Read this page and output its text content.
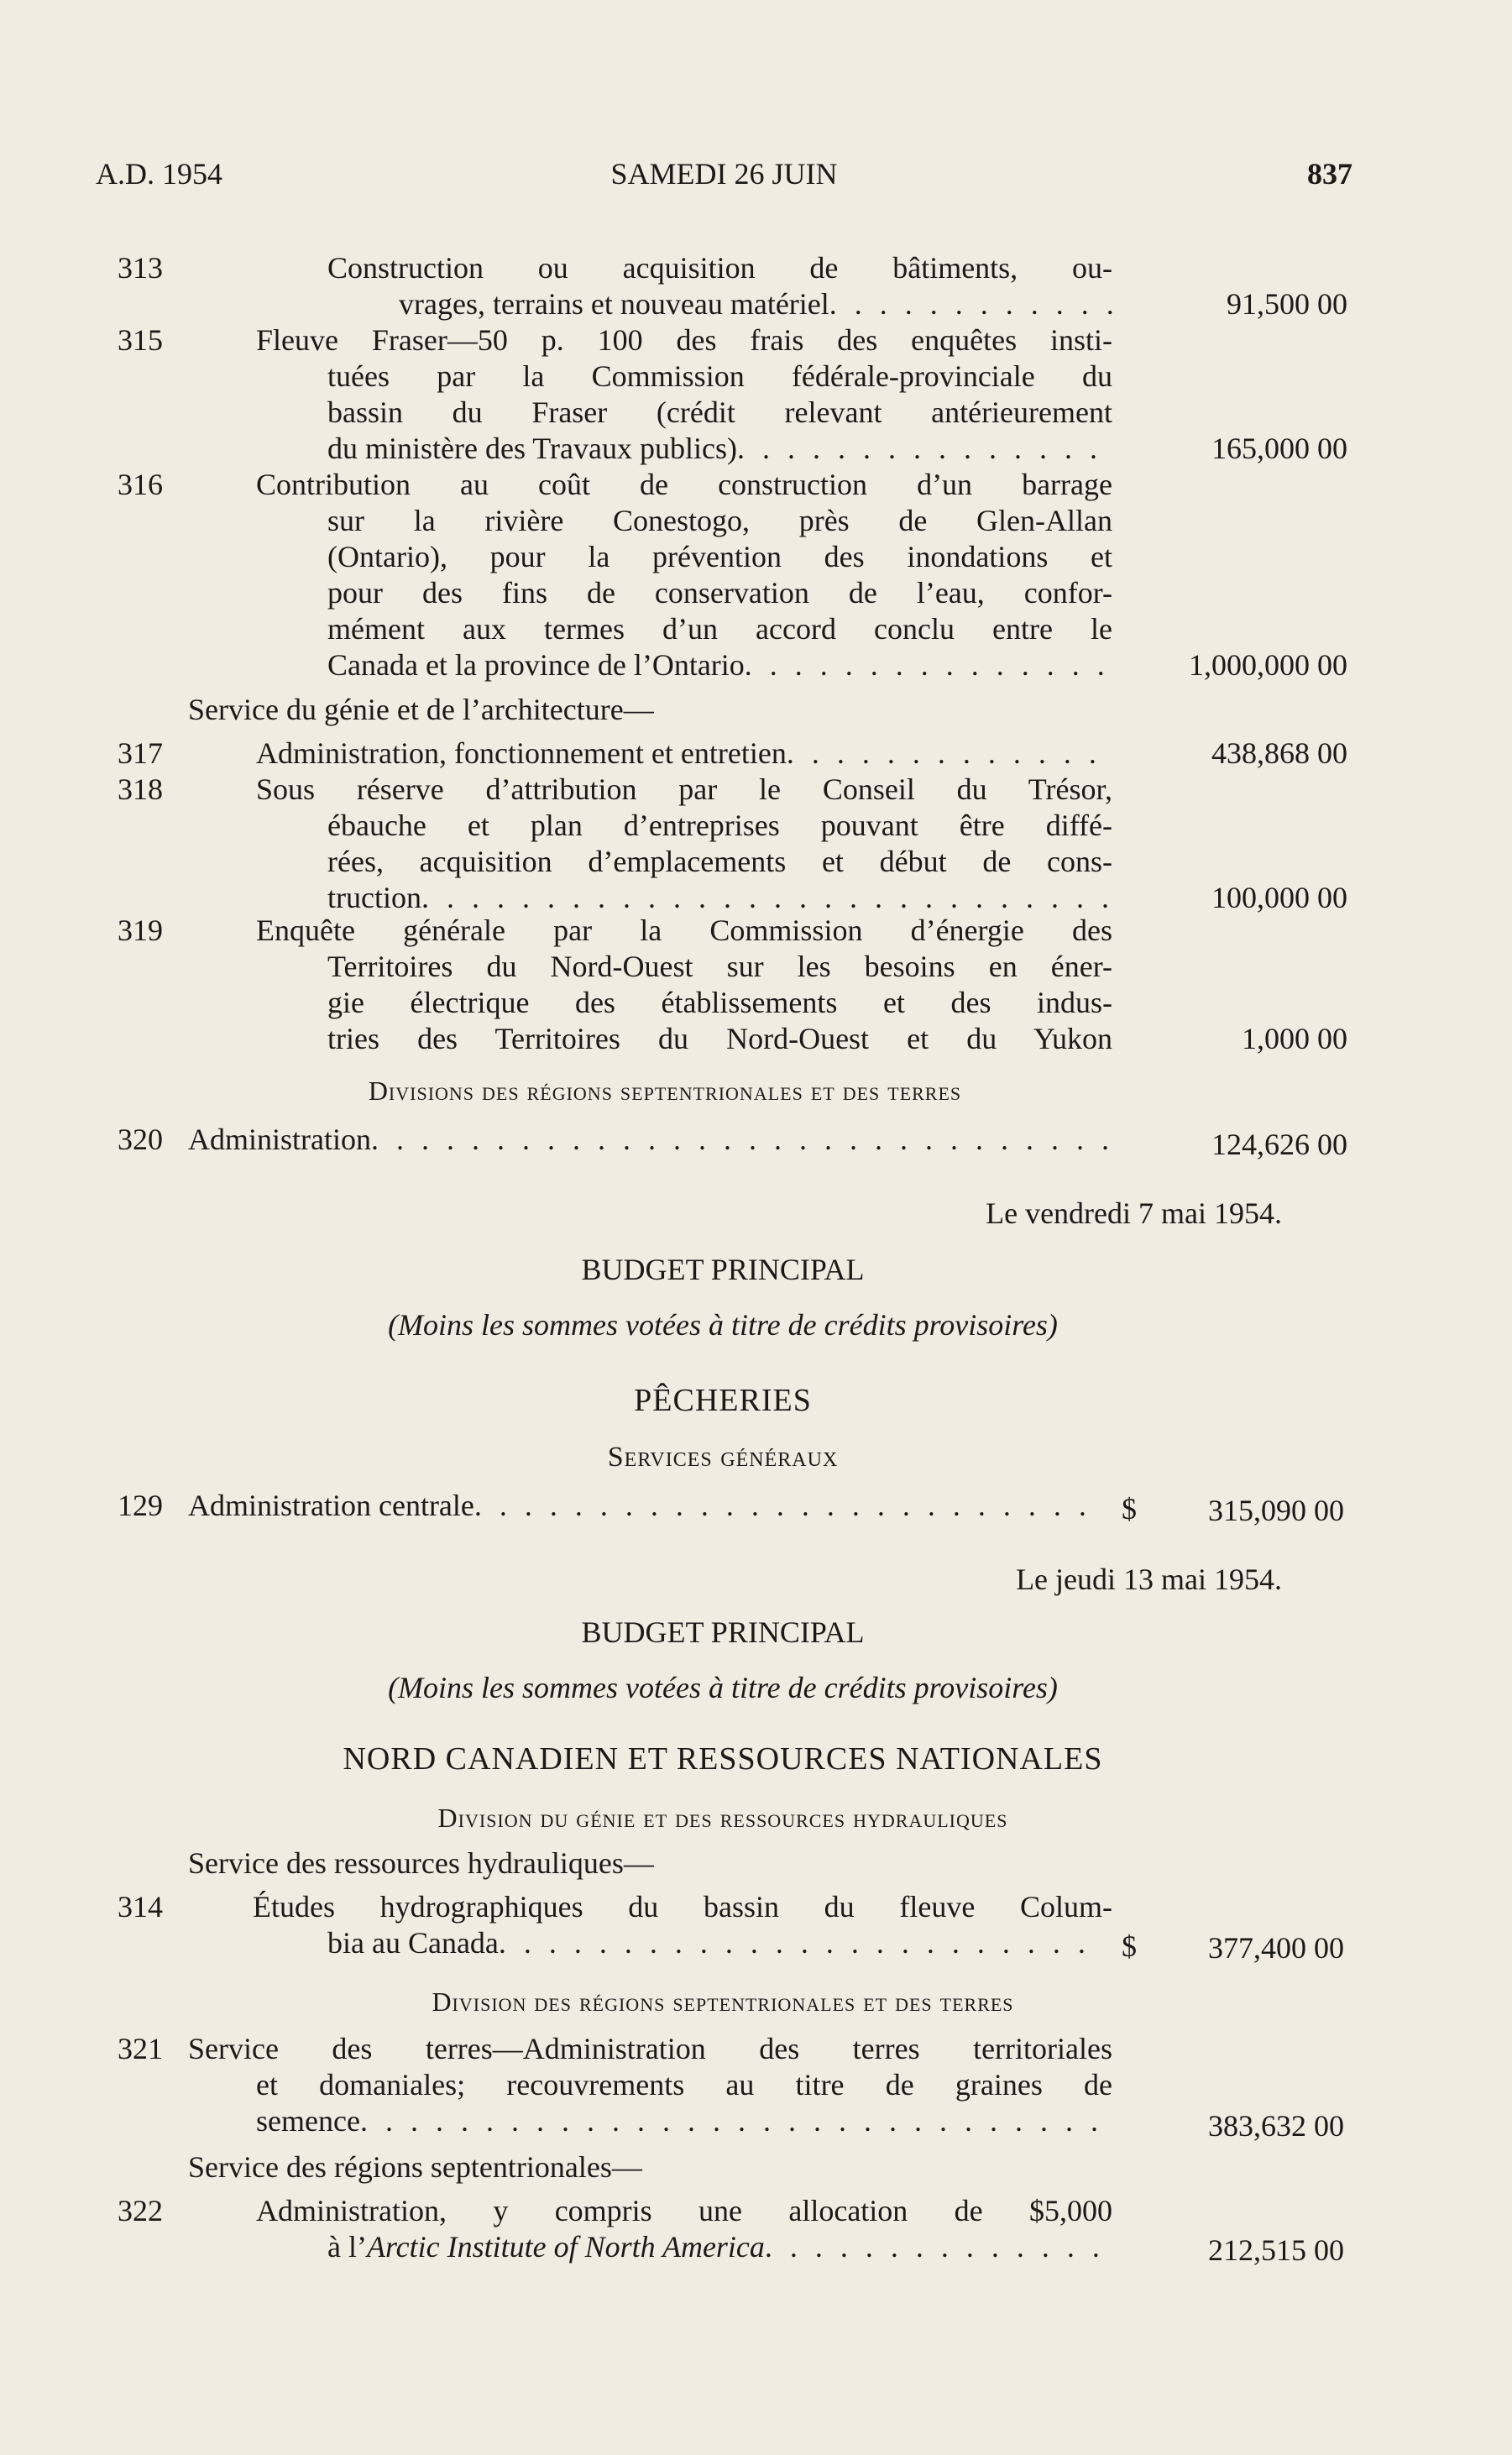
A.D. 1954	SAMEDI 26 JUIN	837
313	Construction ou acquisition de bâtiments, ou-
vrages, terrains et nouveau matériel . . .	91,500 00
315	Fleuve Fraser—50 p. 100 des frais des enquêtes insti-
tuées par la Commission fédérale-provinciale du
bassin du Fraser (crédit relevant antérieurement
du ministère des Travaux publics) . . .	165,000 00
316	Contribution au coût de construction d’un barrage
sur la rivière Conestogo, près de Glen-Allan
(Ontario), pour la prévention des inondations et
pour des fins de conservation de l’eau, confor-
mément aux termes d’un accord conclu entre le
Canada et la province de l’Ontario . . .	1,000,000 00
Service du génie et de l’architecture—
317	Administration, fonctionnement et entretien . . .	438,868 00
318	Sous réserve d’attribution par le Conseil du Trésor,
ébauche et plan d’entreprises pouvant être diffé-
rées, acquisition d’emplacements et début de cons-
truction . . .	100,000 00
319	Enquête générale par la Commission d’énergie des
Territoires du Nord-Ouest sur les besoins en éner-
gie électrique des établissements et des indus-
tries des Territoires du Nord-Ouest et du Yukon	1,000 00
Divisions des régions septentrionales et des terres
320 Administration . . .	124,626 00
Le vendredi 7 mai 1954.
BUDGET PRINCIPAL
(Moins les sommes votées à titre de crédits provisoires)
PÊCHERIES
Services généraux
129 Administration centrale . . .	$ 315,090 00
Le jeudi 13 mai 1954.
BUDGET PRINCIPAL
(Moins les sommes votées à titre de crédits provisoires)
NORD CANADIEN ET RESSOURCES NATIONALES
Division du génie et des ressources hydrauliques
Service des ressources hydrauliques—
314	Études hydrographiques du bassin du fleuve Colum-
bia au Canada . . .	$ 377,400 00
Division des régions septentrionales et des terres
321 Service des terres—Administration des terres territoriales
et domaniales; recouvrements au titre de graines de
semence . . .	383,632 00
Service des régions septentrionales—
322	Administration, y compris une allocation de $5,000
à l’ Arctic Institute of North America . . .	212,515 00
